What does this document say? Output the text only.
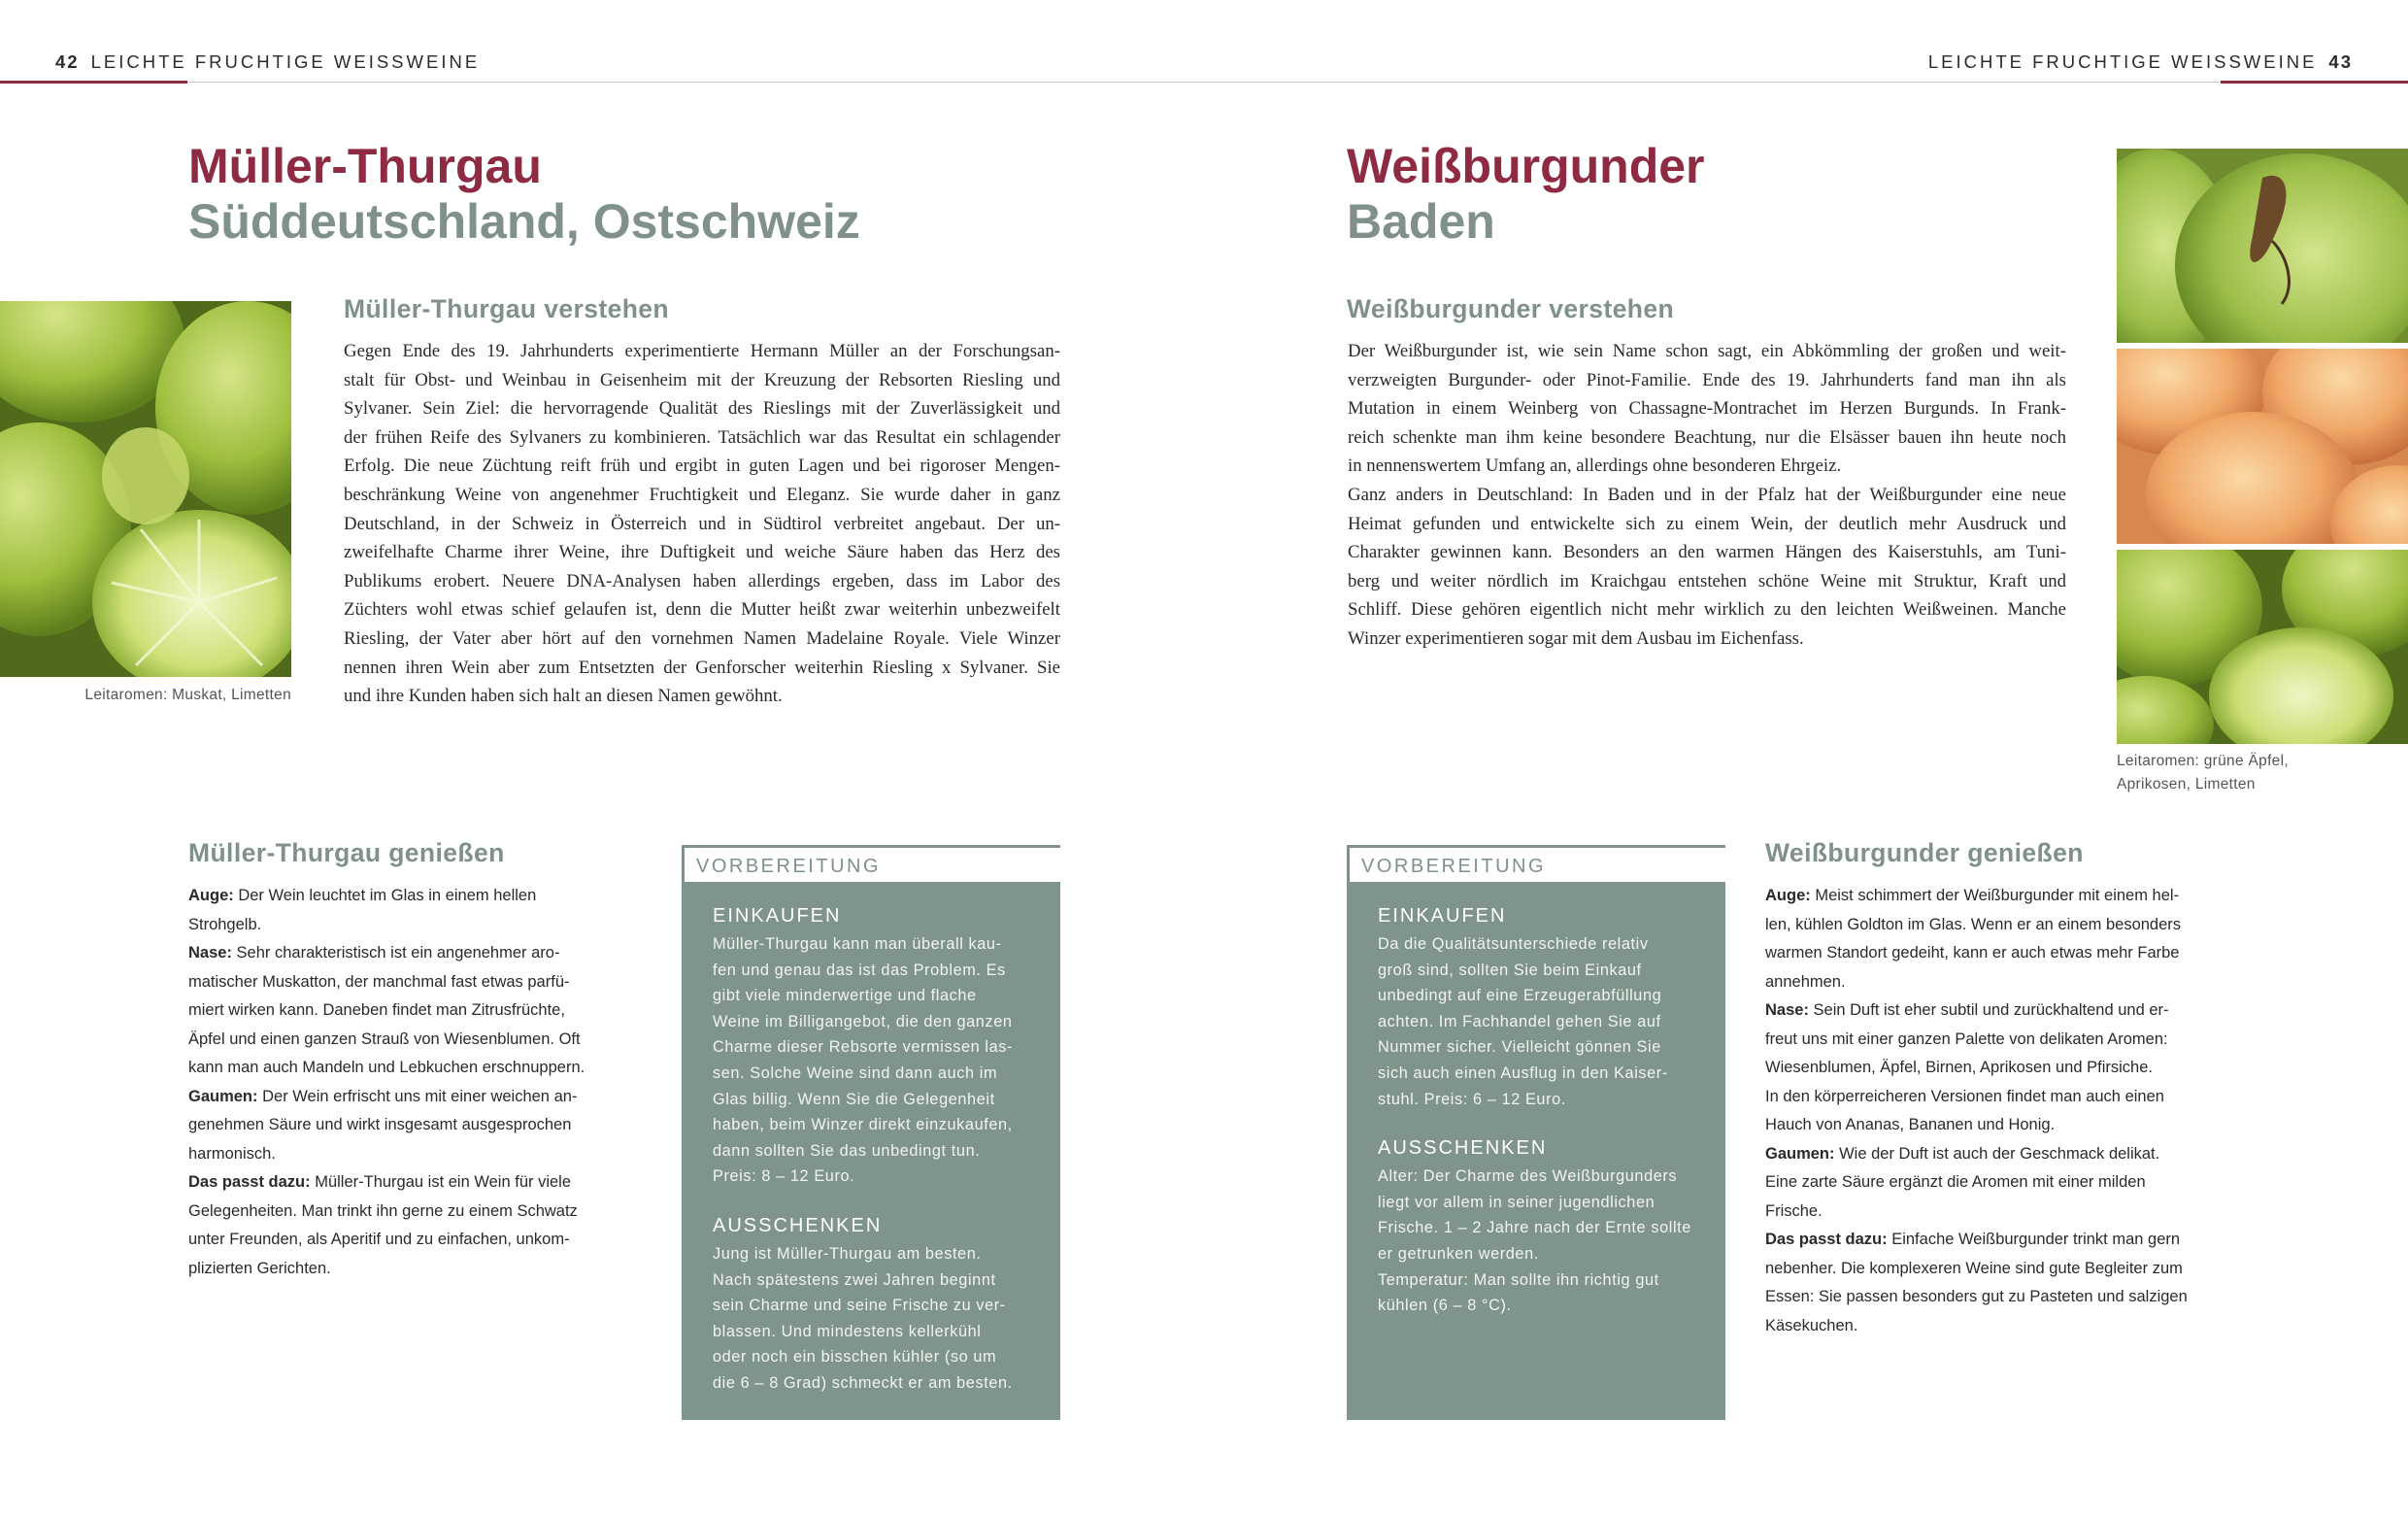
42 LEICHTE FRUCHTIGE WEISSWEINE
Müller-Thurgau
Süddeutschland, Ostschweiz
Leitaromen: Muskat, Limetten
Müller-Thurgau verstehen
Gegen Ende des 19. Jahrhunderts experimentierte Hermann Müller an der Forschungsan-
stalt für Obst- und Weinbau in Geisenheim mit der Kreuzung der Rebsorten Riesling und
Sylvaner. Sein Ziel: die hervorragende Qualität des Rieslings mit der Zuverlässigkeit und
der frühen Reife des Sylvaners zu kombinieren. Tatsächlich war das Resultat ein schlagender
Erfolg. Die neue Züchtung reift früh und ergibt in guten Lagen und bei rigoroser Mengen-
beschränkung Weine von angenehmer Fruchtigkeit und Eleganz. Sie wurde daher in ganz
Deutschland, in der Schweiz in Österreich und in Südtirol verbreitet angebaut. Der un-
zweifelhafte Charme ihrer Weine, ihre Duftigkeit und weiche Säure haben das Herz des
Publikums erobert. Neuere DNA-Analysen haben allerdings ergeben, dass im Labor des
Züchters wohl etwas schief gelaufen ist, denn die Mutter heißt zwar weiterhin unbezweifelt
Riesling, der Vater aber hört auf den vornehmen Namen Madelaine Royale. Viele Winzer
nennen ihren Wein aber zum Entsetzten der Genforscher weiterhin Riesling x Sylvaner. Sie
und ihre Kunden haben sich halt an diesen Namen gewöhnt.
Müller-Thurgau genießen

Auge: Der Wein leuchtet im Glas in einem hellen

Strohgelb.

Nase: Sehr charakteristisch ist ein angenehmer aro-

matischer Muskatton, der manchmal fast etwas parfü-

miert wirken kann. Daneben findet man Zitrusfrüchte,

Äpfel und einen ganzen Strauß von Wiesenblumen. Oft

kann man auch Mandeln und Lebkuchen erschnuppern.

Gaumen: Der Wein erfrischt uns mit einer weichen an-

genehmen Säure und wirkt insgesamt ausgesprochen

harmonisch.

Das passt dazu: Müller-Thurgau ist ein Wein für viele

Gelegenheiten. Man trinkt ihn gerne zu einem Schwatz

unter Freunden, als Aperitif und zu einfachen, unkom-

plizierten Gerichten.

VORBEREITUNG
EINKAUFEN

Müller-Thurgau kann man überall kau-
fen und genau das ist das Problem. Es
gibt viele minderwertige und flache
Weine im Billigangebot, die den ganzen
Charme dieser Rebsorte vermissen las-
sen. Solche Weine sind dann auch im
Glas billig. Wenn Sie die Gelegenheit
haben, beim Winzer direkt einzukaufen,
dann sollten Sie das unbedingt tun.
Preis: 8 – 12 Euro.

AUSSCHENKEN

Jung ist Müller-Thurgau am besten.
Nach spätestens zwei Jahren beginnt
sein Charme und seine Frische zu ver-
blassen. Und mindestens kellerkühl
oder noch ein bisschen kühler (so um
die 6 – 8 Grad) schmeckt er am besten.

LEICHTE FRUCHTIGE WEISSWEINE 43
Weißburgunder
Baden
Weißburgunder verstehen
Der Weißburgunder ist, wie sein Name schon sagt, ein Abkömmling der großen und weit-
verzweigten Burgunder- oder Pinot-Familie. Ende des 19. Jahrhunderts fand man ihn als
Mutation in einem Weinberg von Chassagne-Montrachet im Herzen Burgunds. In Frank-
reich schenkte man ihm keine besondere Beachtung, nur die Elsässer bauen ihn heute noch
in nennenswertem Umfang an, allerdings ohne besonderen Ehrgeiz.
Ganz anders in Deutschland: In Baden und in der Pfalz hat der Weißburgunder eine neue
Heimat gefunden und entwickelte sich zu einem Wein, der deutlich mehr Ausdruck und
Charakter gewinnen kann. Besonders an den warmen Hängen des Kaiserstuhls, am Tuni-
berg und weiter nördlich im Kraichgau entstehen schöne Weine mit Struktur, Kraft und
Schliff. Diese gehören eigentlich nicht mehr wirklich zu den leichten Weißweinen. Manche
Winzer experimentieren sogar mit dem Ausbau im Eichenfass.
Leitaromen: grüne Äpfel,
Aprikosen, Limetten
VORBEREITUNG
EINKAUFEN

Da die Qualitätsunterschiede relativ
groß sind, sollten Sie beim Einkauf
unbedingt auf eine Erzeugerabfüllung
achten. Im Fachhandel gehen Sie auf
Nummer sicher. Vielleicht gönnen Sie
sich auch einen Ausflug in den Kaiser-
stuhl. Preis: 6 – 12 Euro.

AUSSCHENKEN

Alter: Der Charme des Weißburgunders
liegt vor allem in seiner jugendlichen
Frische. 1 – 2 Jahre nach der Ernte sollte
er getrunken werden.
Temperatur: Man sollte ihn richtig gut
kühlen (6 – 8 °C).

Weißburgunder genießen

Auge: Meist schimmert der Weißburgunder mit einem hel-

len, kühlen Goldton im Glas. Wenn er an einem besonders

warmen Standort gedeiht, kann er auch etwas mehr Farbe

annehmen.

Nase: Sein Duft ist eher subtil und zurückhaltend und er-

freut uns mit einer ganzen Palette von delikaten Aromen:

Wiesenblumen, Äpfel, Birnen, Aprikosen und Pfirsiche.

In den körperreicheren Versionen findet man auch einen

Hauch von Ananas, Bananen und Honig.

Gaumen: Wie der Duft ist auch der Geschmack delikat.

Eine zarte Säure ergänzt die Aromen mit einer milden

Frische.

Das passt dazu: Einfache Weißburgunder trinkt man gern

nebenher. Die komplexeren Weine sind gute Begleiter zum

Essen: Sie passen besonders gut zu Pasteten und salzigen

Käsekuchen.
